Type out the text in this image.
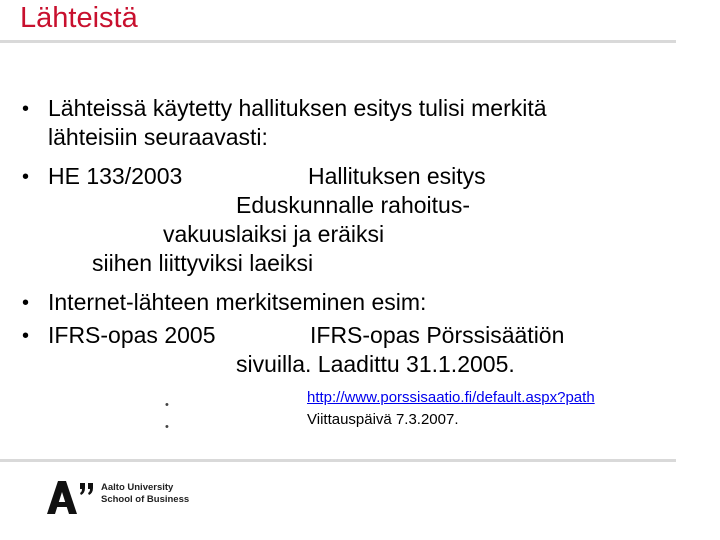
Lähteistä
• Lähteissä käytetty hallituksen esitys tulisi merkitä
lähteisiin seuraavasti:
• HE 133/2003	Hallituksen esitys
Eduskunnalle rahoitus-
vakuuslaiksi ja eräiksi
siihen liittyviksi laeiksi
• Internet-lähteen merkitseminen esim:
• IFRS-opas 2005	IFRS-opas Pörssisäätiön
sivuilla. Laadittu 31.1.2005.
•	http://www.porssisaatio.fi/default.aspx?path
•	Viittauspäivä 7.3.2007.
Aalto University
School of Business
